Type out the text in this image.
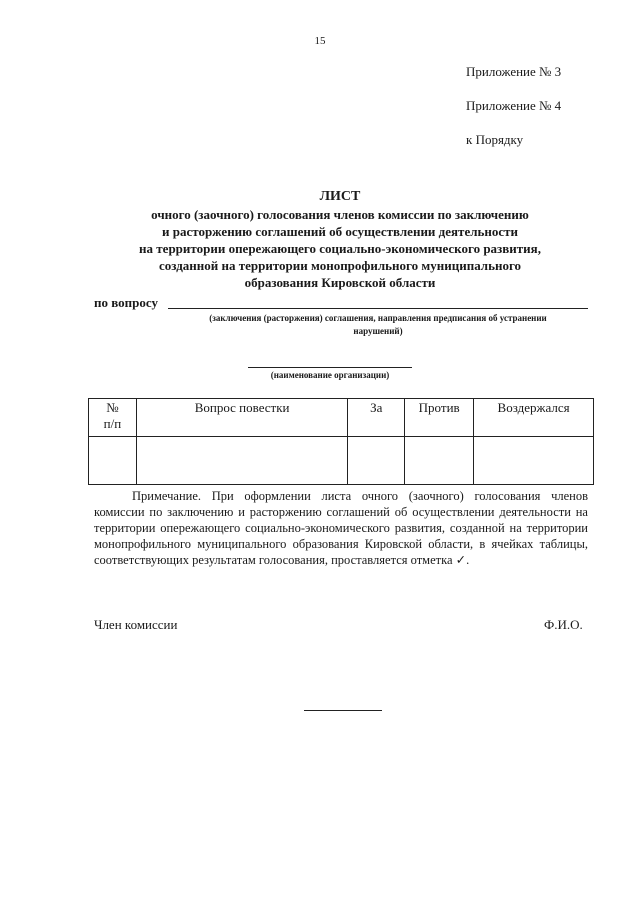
15
Приложение № 3
Приложение № 4
к Порядку
ЛИСТ
очного (заочного) голосования членов комиссии по заключению
и расторжению соглашений об осуществлении деятельности
на территории опережающего социально-экономического развития,
созданной на территории монопрофильного муниципального
образования Кировской области
по вопросу
(заключения (расторжения) соглашения, направления предписания об устранении
нарушений)
(наименование организации)
№
п/п	Вопрос повестки	За	Против	Воздержался

Примечание. При оформлении листа очного (заочного) голосования членов комиссии по заключению и расторжению соглашений об осуществлении деятельности на территории опережающего социально-экономического развития, созданной на территории монопрофильного муниципального образования Кировской области, в ячейках таблицы, соответствующих результатам голосования, проставляется отметка ✓.

Член комиссии	Ф.И.О.
